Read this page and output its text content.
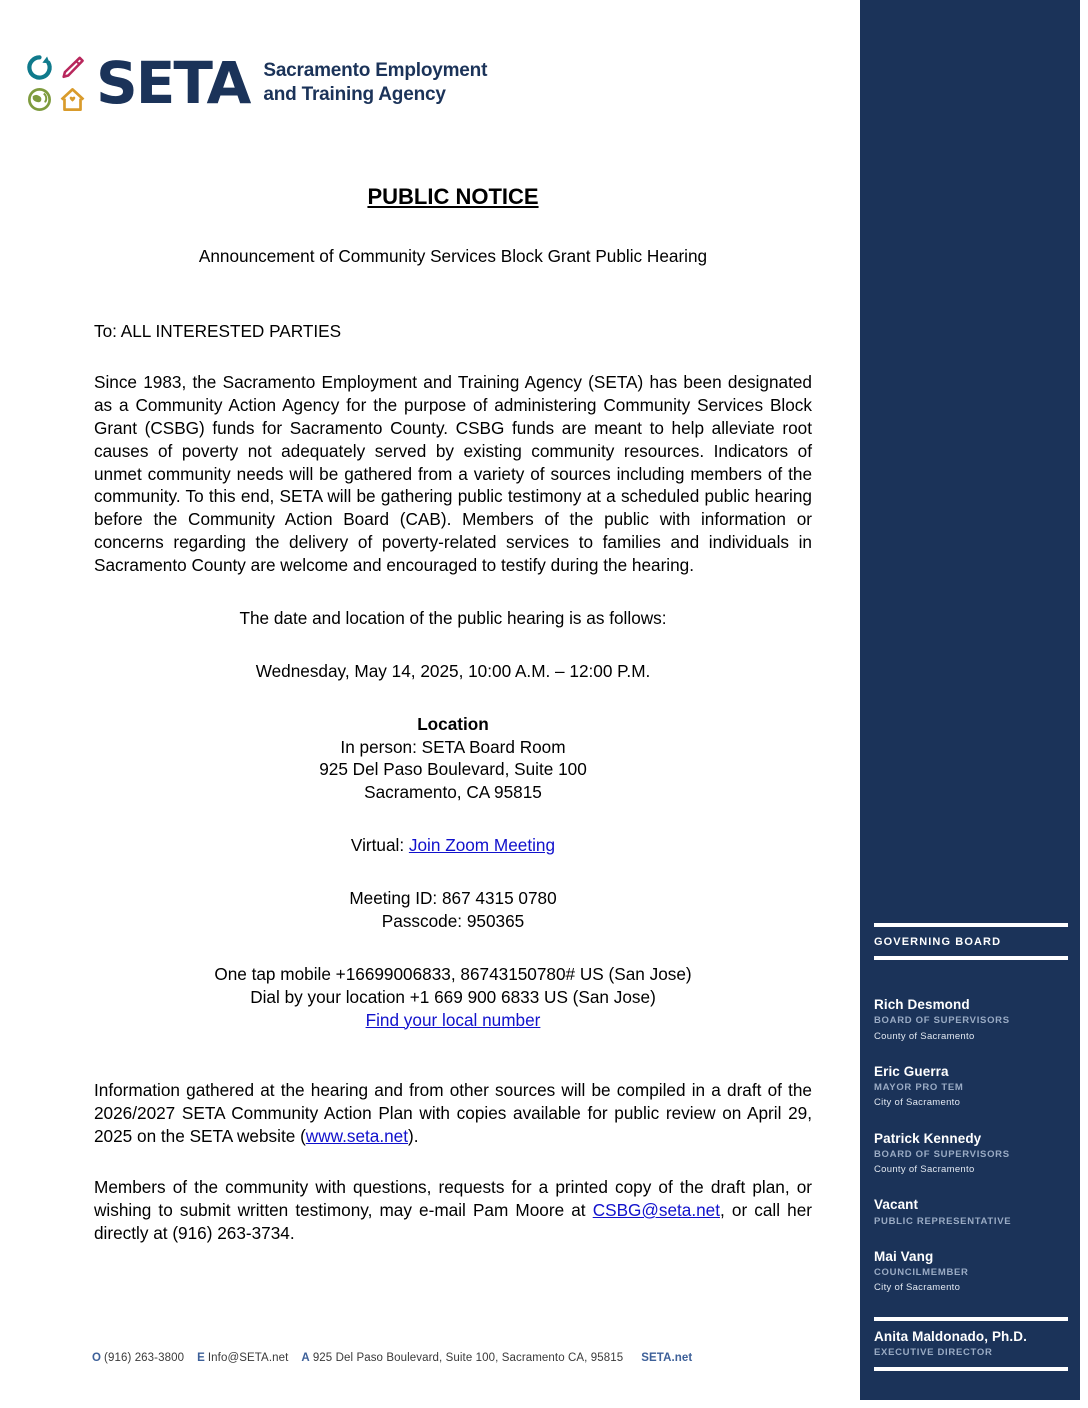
GOVERNING BOARD
Rich Desmond
BOARD OF SUPERVISORS
County of Sacramento
Eric Guerra
MAYOR PRO TEM
City of Sacramento
Patrick Kennedy
BOARD OF SUPERVISORS
County of Sacramento
Vacant
PUBLIC REPRESENTATIVE
Mai Vang
COUNCILMEMBER
City of Sacramento
Anita Maldonado, Ph.D.
EXECUTIVE DIRECTOR
SETA Sacramento Employment
and Training Agency
PUBLIC NOTICE
Announcement of Community Services Block Grant Public Hearing
To: ALL INTERESTED PARTIES
Since 1983, the Sacramento Employment and Training Agency (SETA) has been designated as a Community Action Agency for the purpose of administering Community Services Block Grant (CSBG) funds for Sacramento County. CSBG funds are meant to help alleviate root causes of poverty not adequately served by existing community resources. Indicators of unmet community needs will be gathered from a variety of sources including members of the community. To this end, SETA will be gathering public testimony at a scheduled public hearing before the Community Action Board (CAB). Members of the public with information or concerns regarding the delivery of poverty-related services to families and individuals in Sacramento County are welcome and encouraged to testify during the hearing.
The date and location of the public hearing is as follows:
Wednesday, May 14, 2025, 10:00 A.M. – 12:00 P.M.
Location
In person: SETA Board Room
925 Del Paso Boulevard, Suite 100
Sacramento, CA 95815
Virtual: Join Zoom Meeting
Meeting ID: 867 4315 0780
Passcode: 950365
One tap mobile +16699006833, 86743150780# US (San Jose)
Dial by your location +1 669 900 6833 US (San Jose)
Find your local number
Information gathered at the hearing and from other sources will be compiled in a draft of the 2026/2027 SETA Community Action Plan with copies available for public review on April 29, 2025 on the SETA website (www.seta.net).
Members of the community with questions, requests for a printed copy of the draft plan, or wishing to submit written testimony, may e-mail Pam Moore at CSBG@seta.net, or call her directly at (916) 263-3734.
O (916) 263-3800 E Info@SETA.net A 925 Del Paso Boulevard, Suite 100, Sacramento CA, 95815 SETA.net
